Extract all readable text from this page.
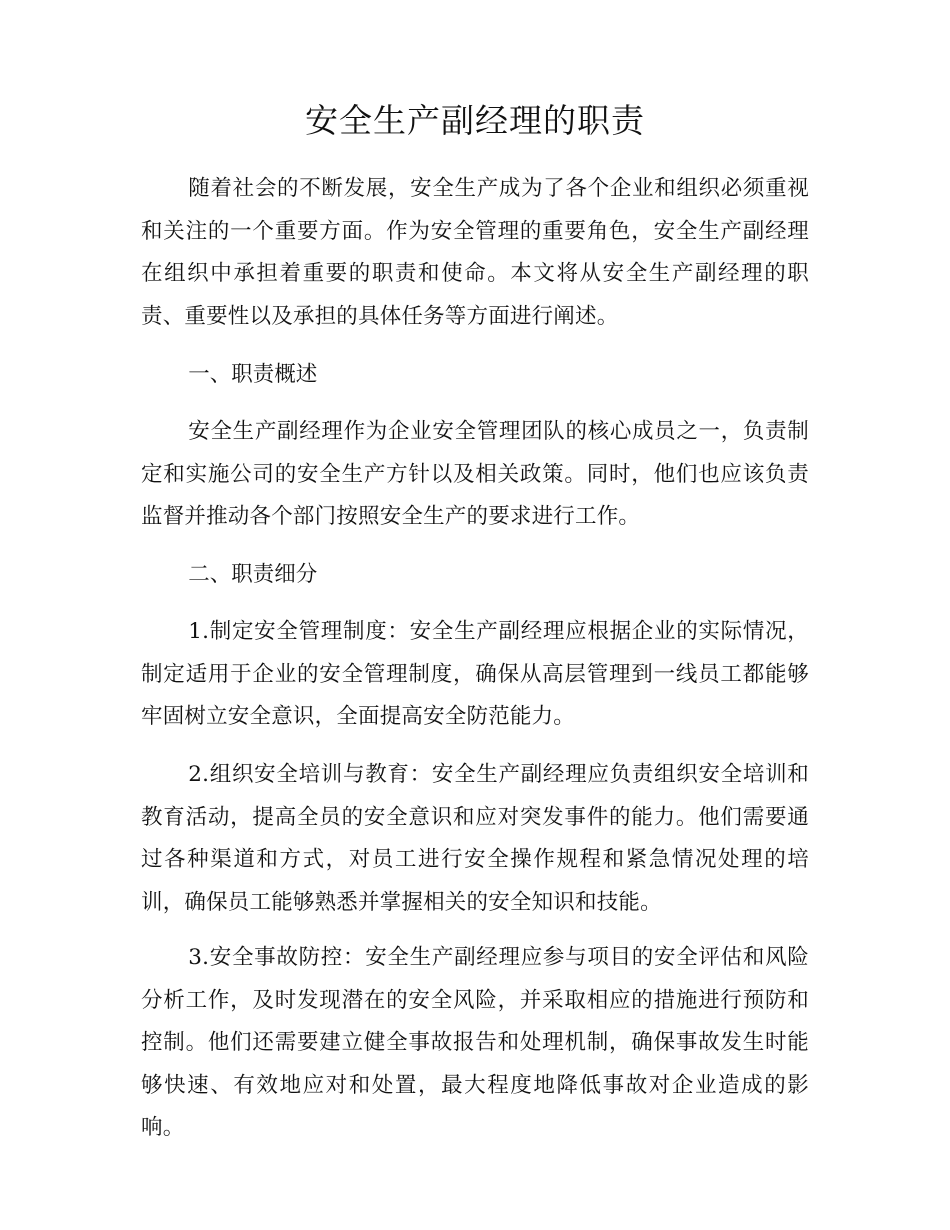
安全生产副经理的职责

随着社会的不断发展，安全生产成为了各个企业和组织必须重视和关注的一个重要方面。作为安全管理的重要角色，安全生产副经理在组织中承担着重要的职责和使命。本文将从安全生产副经理的职责、重要性以及承担的具体任务等方面进行阐述。

一、职责概述

安全生产副经理作为企业安全管理团队的核心成员之一，负责制定和实施公司的安全生产方针以及相关政策。同时，他们也应该负责监督并推动各个部门按照安全生产的要求进行工作。

二、职责细分

1.制定安全管理制度：安全生产副经理应根据企业的实际情况，制定适用于企业的安全管理制度，确保从高层管理到一线员工都能够牢固树立安全意识，全面提高安全防范能力。

2.组织安全培训与教育：安全生产副经理应负责组织安全培训和教育活动，提高全员的安全意识和应对突发事件的能力。他们需要通过各种渠道和方式，对员工进行安全操作规程和紧急情况处理的培训，确保员工能够熟悉并掌握相关的安全知识和技能。

3.安全事故防控：安全生产副经理应参与项目的安全评估和风险分析工作，及时发现潜在的安全风险，并采取相应的措施进行预防和控制。他们还需要建立健全事故报告和处理机制，确保事故发生时能够快速、有效地应对和处置，最大程度地降低事故对企业造成的影响。
